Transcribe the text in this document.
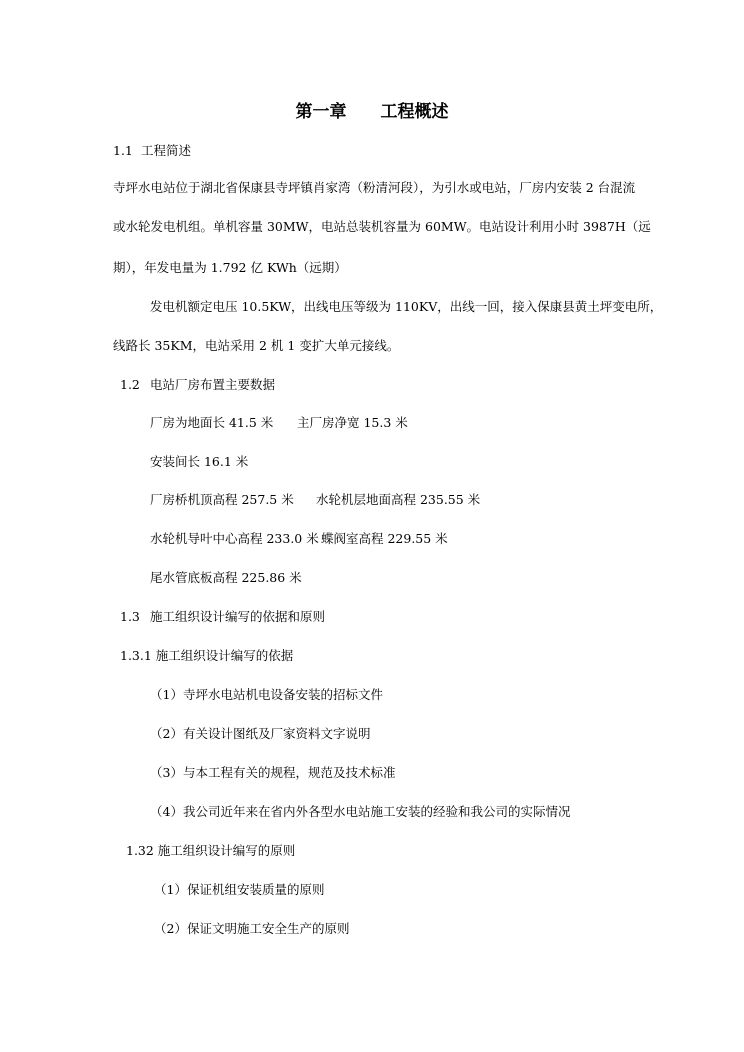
第一章 工程概述
1.1 工程简述
寺坪水电站位于湖北省保康县寺坪镇肖家湾（粉清河段），为引水或电站，厂房内安装 2 台混流
或水轮发电机组。单机容量 30MW，电站总装机容量为 60MW。电站设计利用小时 3987H（远
期），年发电量为 1.792 亿 KWh（远期）
发电机额定电压 10.5KW，出线电压等级为 110KV，出线一回，接入保康县黄土坪变电所，
线路长 35KM，电站采用 2 机 1 变扩大单元接线。
1.2 电站厂房布置主要数据
厂房为地面长 41.5 米 主厂房净宽 15.3 米
安装间长 16.1 米
厂房桥机顶高程 257.5 米 水轮机层地面高程 235.55 米
水轮机导叶中心高程 233.0 米 蝶阀室高程 229.55 米
尾水管底板高程 225.86 米
1.3 施工组织设计编写的依据和原则
1.3.1 施工组织设计编写的依据
（1）寺坪水电站机电设备安装的招标文件
（2）有关设计图纸及厂家资料文字说明
（3）与本工程有关的规程，规范及技术标准
（4）我公司近年来在省内外各型水电站施工安装的经验和我公司的实际情况
1.32 施工组织设计编写的原则
（1）保证机组安装质量的原则
（2）保证文明施工安全生产的原则
